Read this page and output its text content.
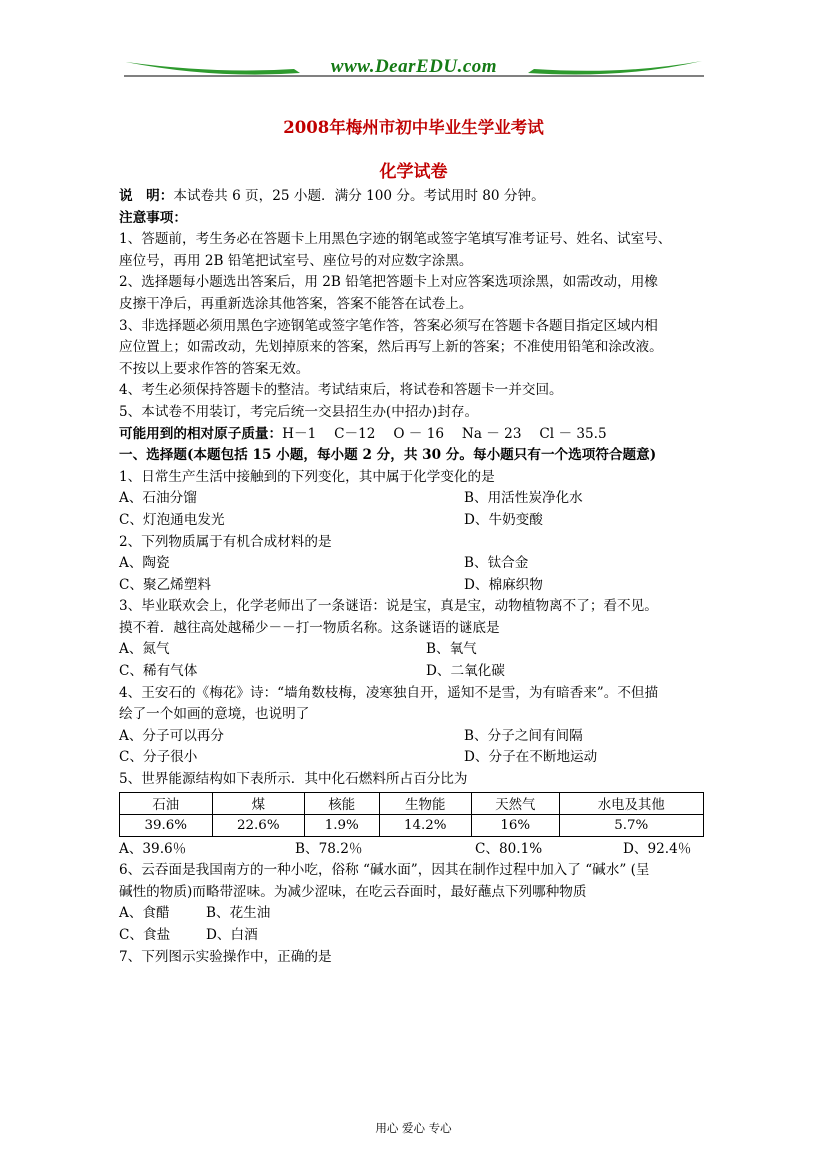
www.DearEDU.com
2008年梅州市初中毕业生学业考试
化学试卷
说　明：本试卷共 6 页，25 小题．满分 100 分。考试用时 80 分钟。
注意事项：
1、答题前，考生务必在答题卡上用黑色字迹的钢笔或签字笔填写准考证号、姓名、试室号、
座位号，再用 2B 铅笔把试室号、座位号的对应数字涂黑。
2、选择题每小题选出答案后，用 2B 铅笔把答题卡上对应答案选项涂黑，如需改动，用橡
皮擦干净后，再重新选涂其他答案，答案不能答在试卷上。
3、非选择题必须用黑色字迹钢笔或签字笔作答，答案必须写在答题卡各题目指定区域内相
应位置上；如需改动，先划掉原来的答案，然后再写上新的答案；不准使用铅笔和涂改液。
不按以上要求作答的答案无效。
4、考生必须保持答题卡的整洁。考试结束后，将试卷和答题卡一并交回。
5、本试卷不用装订，考完后统一交县招生办(中招办)封存。
可能用到的相对原子质量：H－1　 C－12　 O － 16　 Na － 23　 Cl － 35.5
一、选择题(本题包括 15 小题，每小题 2 分，共 30 分。每小题只有一个选项符合题意)
1、日常生产生活中接触到的下列变化，其中属于化学变化的是
A、石油分馏	B、用活性炭净化水
C、灯泡通电发光	D、牛奶变酸
2、下列物质属于有机合成材料的是
A、陶瓷	B、钛合金
C、聚乙烯塑料	D、棉麻织物
3、毕业联欢会上，化学老师出了一条谜语：说是宝，真是宝，动物植物离不了；看不见。
摸不着．越往高处越稀少－－打一物质名称。这条谜语的谜底是
A、氮气	B、氧气
C、稀有气体	D、二氧化碳
4、王安石的《梅花》诗：“墙角数枝梅，凌寒独自开，遥知不是雪，为有暗香来”。不但描
绘了一个如画的意境，也说明了
A、分子可以再分	B、分子之间有间隔
C、分子很小	D、分子在不断地运动
5、世界能源结构如下表所示．其中化石燃料所占百分比为
石油	煤	核能	生物能	天然气	水电及其他
39.6%	22.6%	1.9%	14.2%	16%	5.7%
A、39.6％	B、78.2％	C、80.1%	D、92.4％
6、云吞面是我国南方的一种小吃，俗称 “碱水面”，因其在制作过程中加入了 “碱水” (呈
碱性的物质)而略带涩味。为减少涩味，在吃云吞面时，最好蘸点下列哪种物质
A、食醋	B、花生油
C、食盐	D、白酒
7、下列图示实验操作中，正确的是
用心 爱心 专心
